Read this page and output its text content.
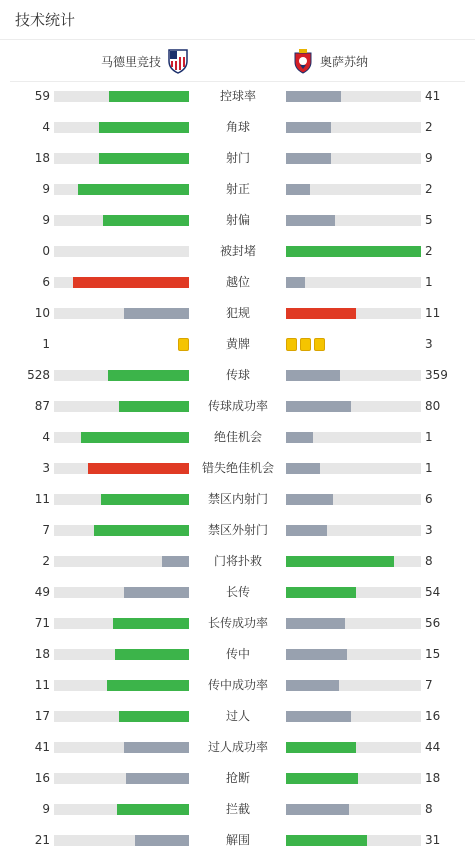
技术统计
马德里竞技	奥萨苏纳
59	控球率	41
4	角球	2
18	射门	9
9	射正	2
9	射偏	5
0	被封堵	2
6	越位	1
10	犯规	11
1	黄牌	3
528	传球	359
87	传球成功率	80
4	绝佳机会	1
3	错失绝佳机会	1
11	禁区内射门	6
7	禁区外射门	3
2	门将扑救	8
49	长传	54
71	长传成功率	56
18	传中	15
11	传中成功率	7
17	过人	16
41	过人成功率	44
16	抢断	18
9	拦截	8
21	解围	31
